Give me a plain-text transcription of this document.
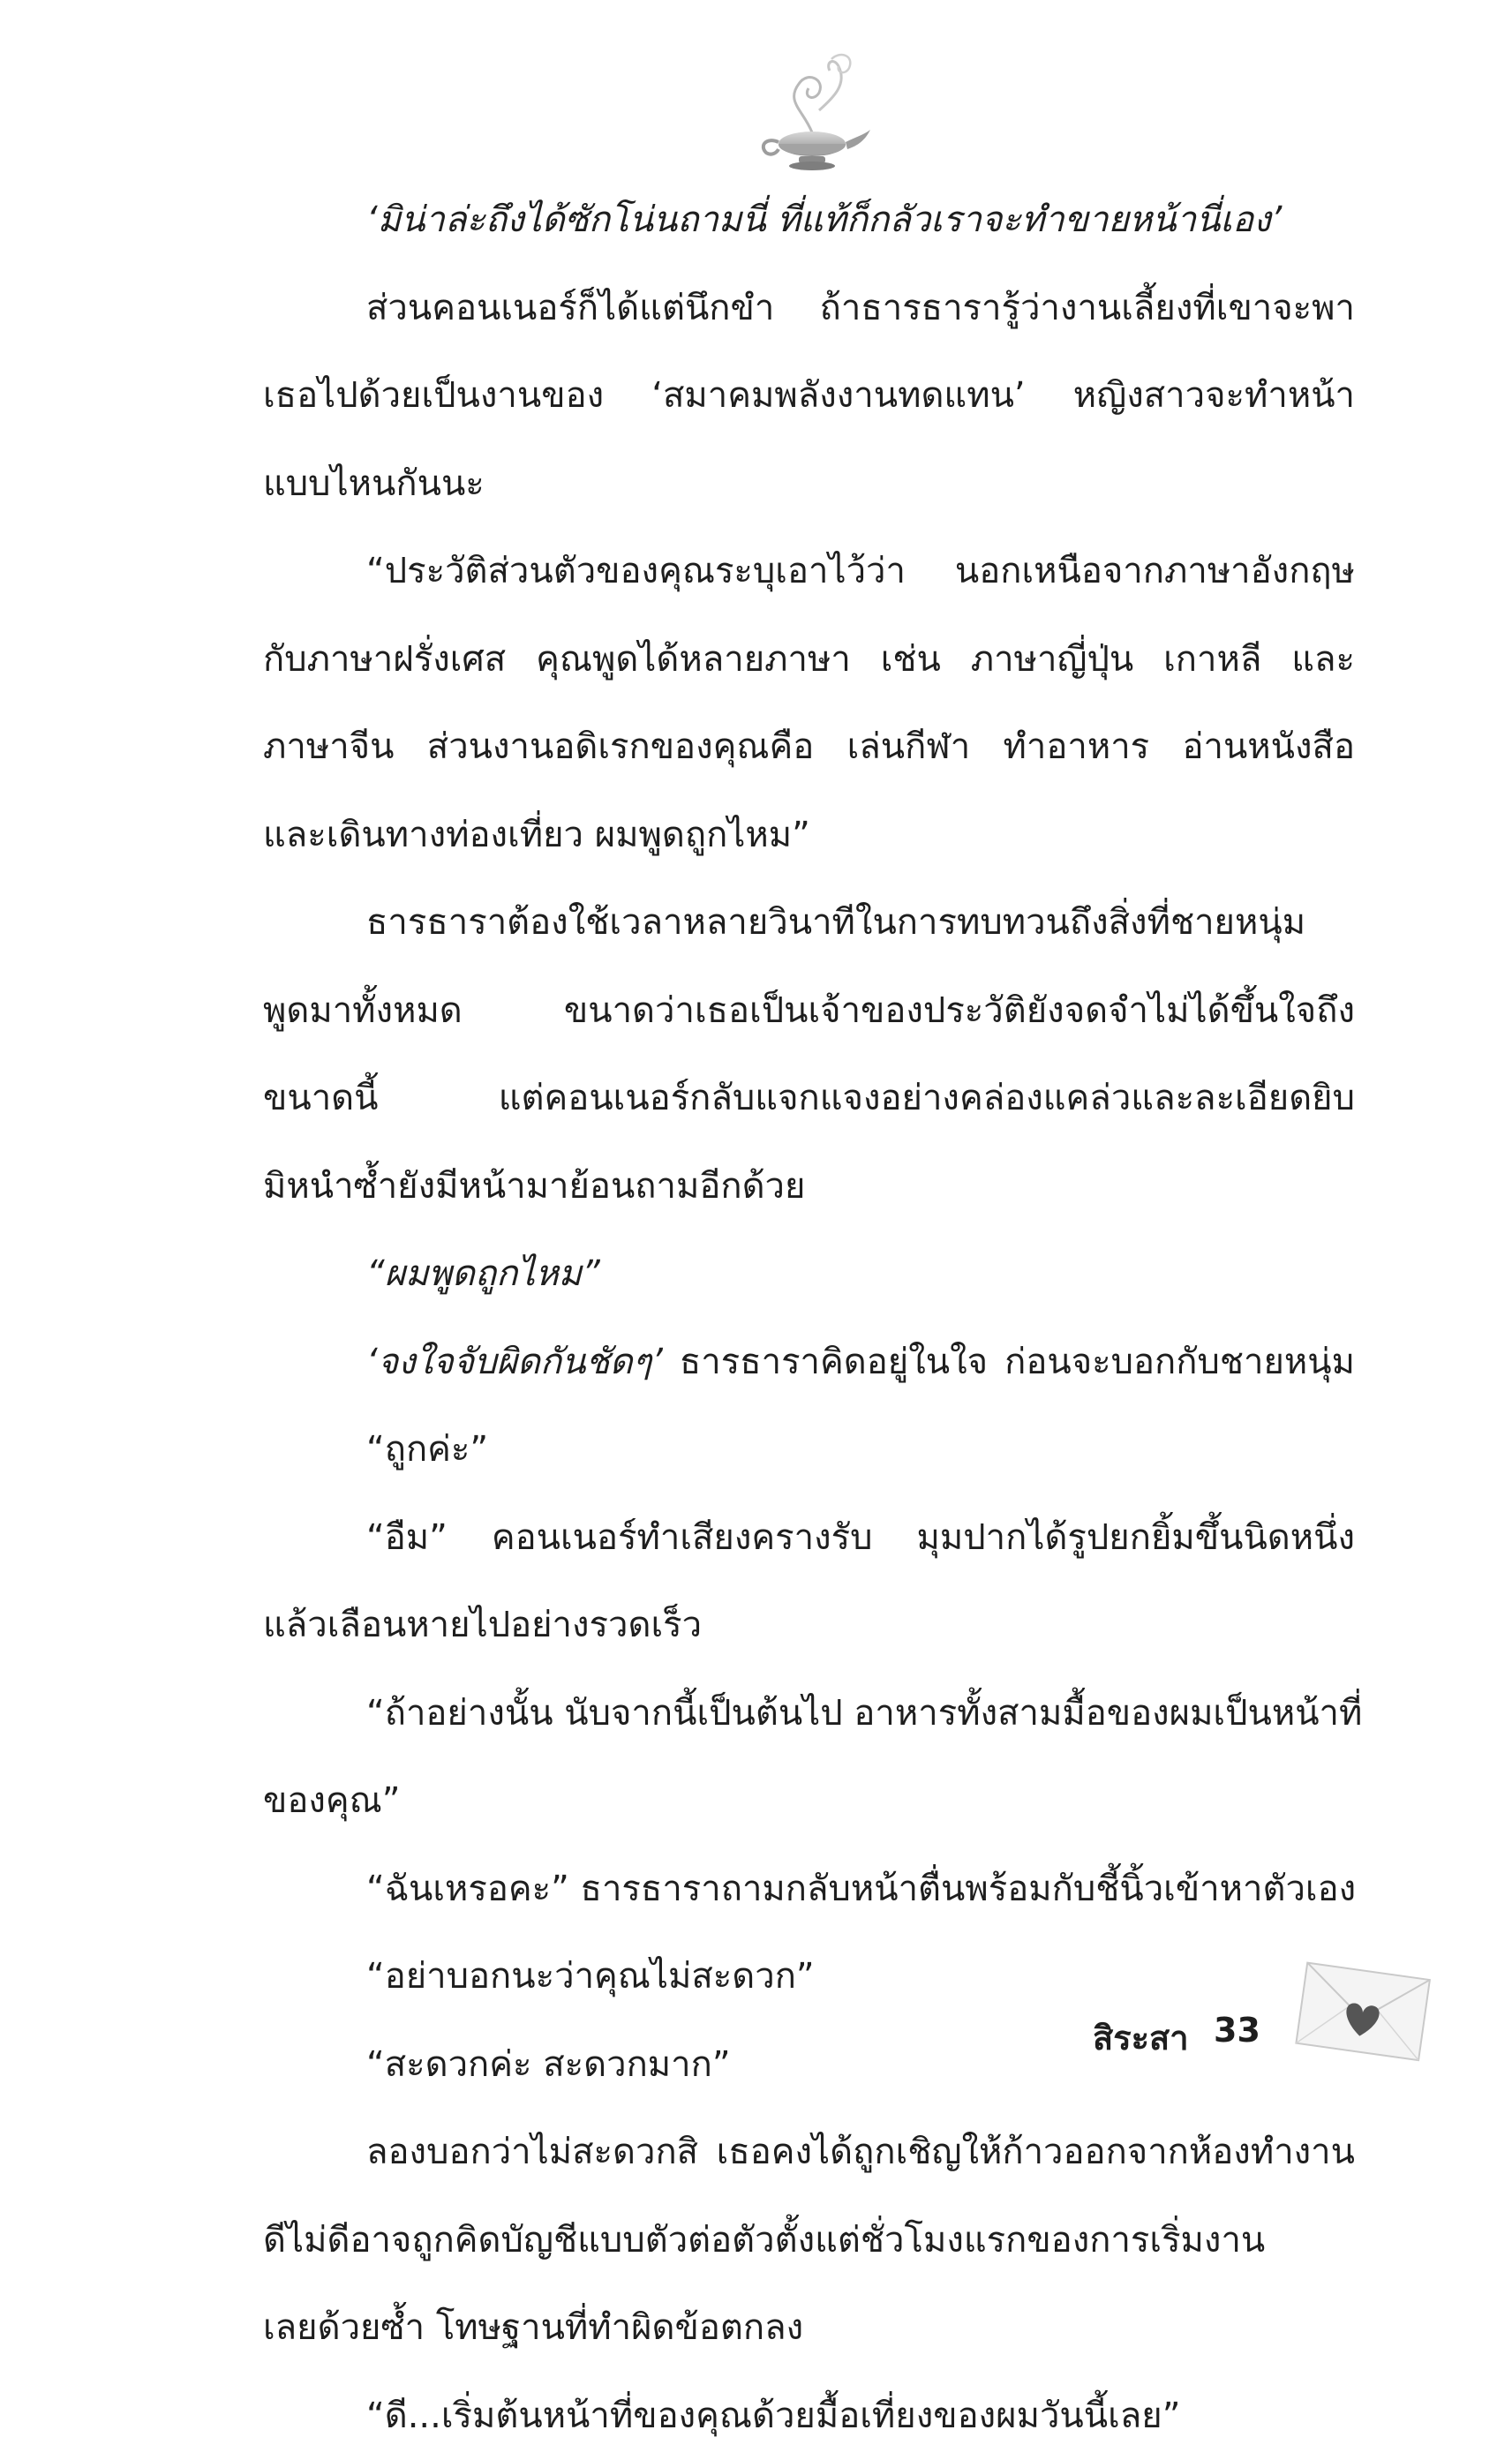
‘มิน่าล่ะถึงได้ซักโน่นถามนี่ ที่แท้ก็กลัวเราจะทำขายหน้านี่เอง’
ส่วนคอนเนอร์ก็ได้แต่นึกขำ ถ้าธารธารารู้ว่างานเลี้ยงที่เขาจะพา
เธอไปด้วยเป็นงานของ ‘สมาคมพลังงานทดแทน’ หญิงสาวจะทำหน้า
แบบไหนกันนะ
“ประวัติส่วนตัวของคุณระบุเอาไว้ว่า นอกเหนือจากภาษาอังกฤษ
กับภาษาฝรั่งเศส คุณพูดได้หลายภาษา เช่น ภาษาญี่ปุ่น เกาหลี และ
ภาษาจีน ส่วนงานอดิเรกของคุณคือ เล่นกีฬา ทำอาหาร อ่านหนังสือ
และเดินทางท่องเที่ยว ผมพูดถูกไหม”
ธารธาราต้องใช้เวลาหลายวินาทีในการทบทวนถึงสิ่งที่ชายหนุ่ม
พูดมาทั้งหมด ขนาดว่าเธอเป็นเจ้าของประวัติยังจดจำไม่ได้ขึ้นใจถึง
ขนาดนี้ แต่คอนเนอร์กลับแจกแจงอย่างคล่องแคล่วและละเอียดยิบ
มิหนำซ้ำยังมีหน้ามาย้อนถามอีกด้วย
“ผมพูดถูกไหม”
‘จงใจจับผิดกันชัดๆ’ ธารธาราคิดอยู่ในใจ ก่อนจะบอกกับชายหนุ่ม
“ถูกค่ะ”
“อืม” คอนเนอร์ทำเสียงครางรับ มุมปากได้รูปยกยิ้มขึ้นนิดหนึ่ง
แล้วเลือนหายไปอย่างรวดเร็ว
“ถ้าอย่างนั้น นับจากนี้เป็นต้นไป อาหารทั้งสามมื้อของผมเป็นหน้าที่
ของคุณ”
“ฉันเหรอคะ” ธารธาราถามกลับหน้าตื่นพร้อมกับชี้นิ้วเข้าหาตัวเอง
“อย่าบอกนะว่าคุณไม่สะดวก”
“สะดวกค่ะ สะดวกมาก”
ลองบอกว่าไม่สะดวกสิ เธอคงได้ถูกเชิญให้ก้าวออกจากห้องทำงาน
ดีไม่ดีอาจถูกคิดบัญชีแบบตัวต่อตัวตั้งแต่ชั่วโมงแรกของการเริ่มงาน
เลยด้วยซ้ำ โทษฐานที่ทำผิดข้อตกลง
“ดี...เริ่มต้นหน้าที่ของคุณด้วยมื้อเที่ยงของผมวันนี้เลย”
สิระสา 33
